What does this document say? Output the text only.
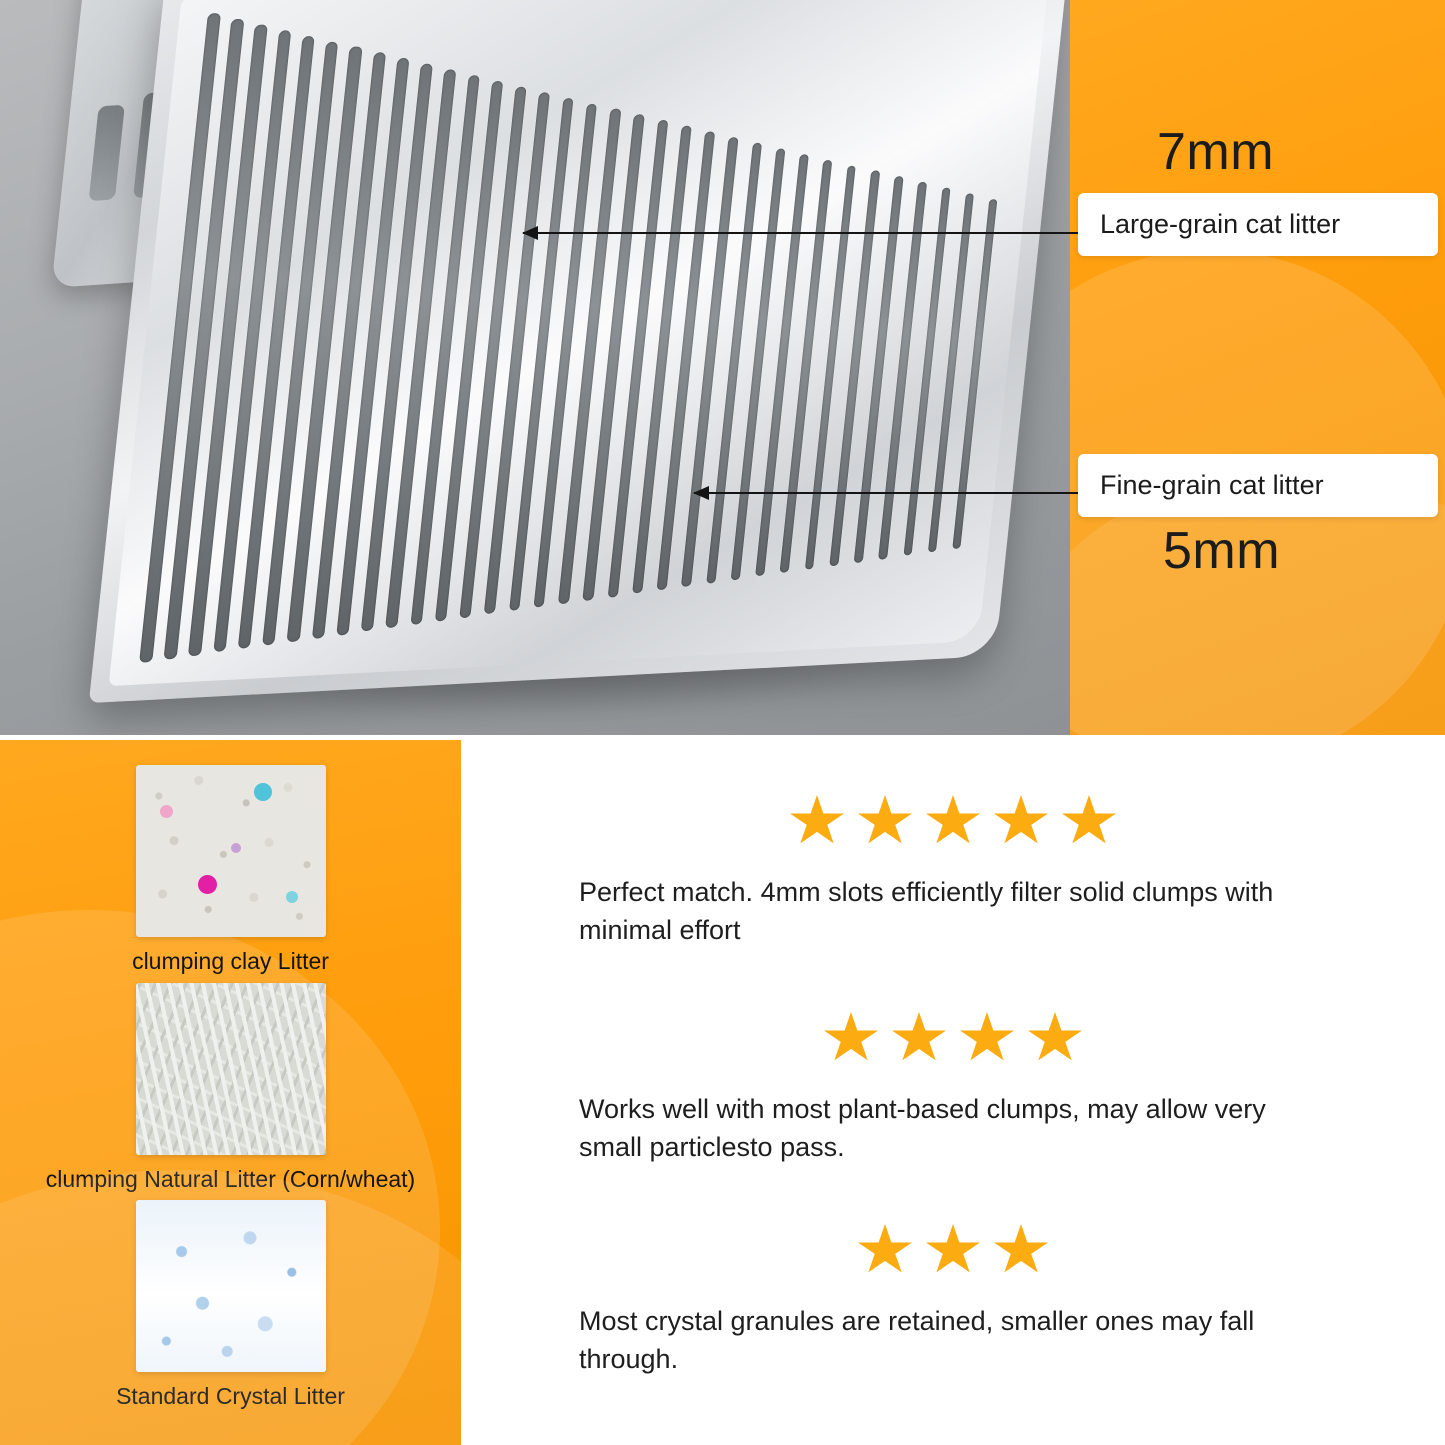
7mm
5mm
Large-grain cat litter
Fine-grain cat litter
clumping clay Litter
clumping Natural Litter (Corn/wheat)
Standard Crystal Litter
Perfect match. 4mm slots efficiently filter solid clumps with minimal effort
Works well with most plant-based clumps, may allow very small particlesto pass.
Most crystal granules are retained, smaller ones may fall through.
